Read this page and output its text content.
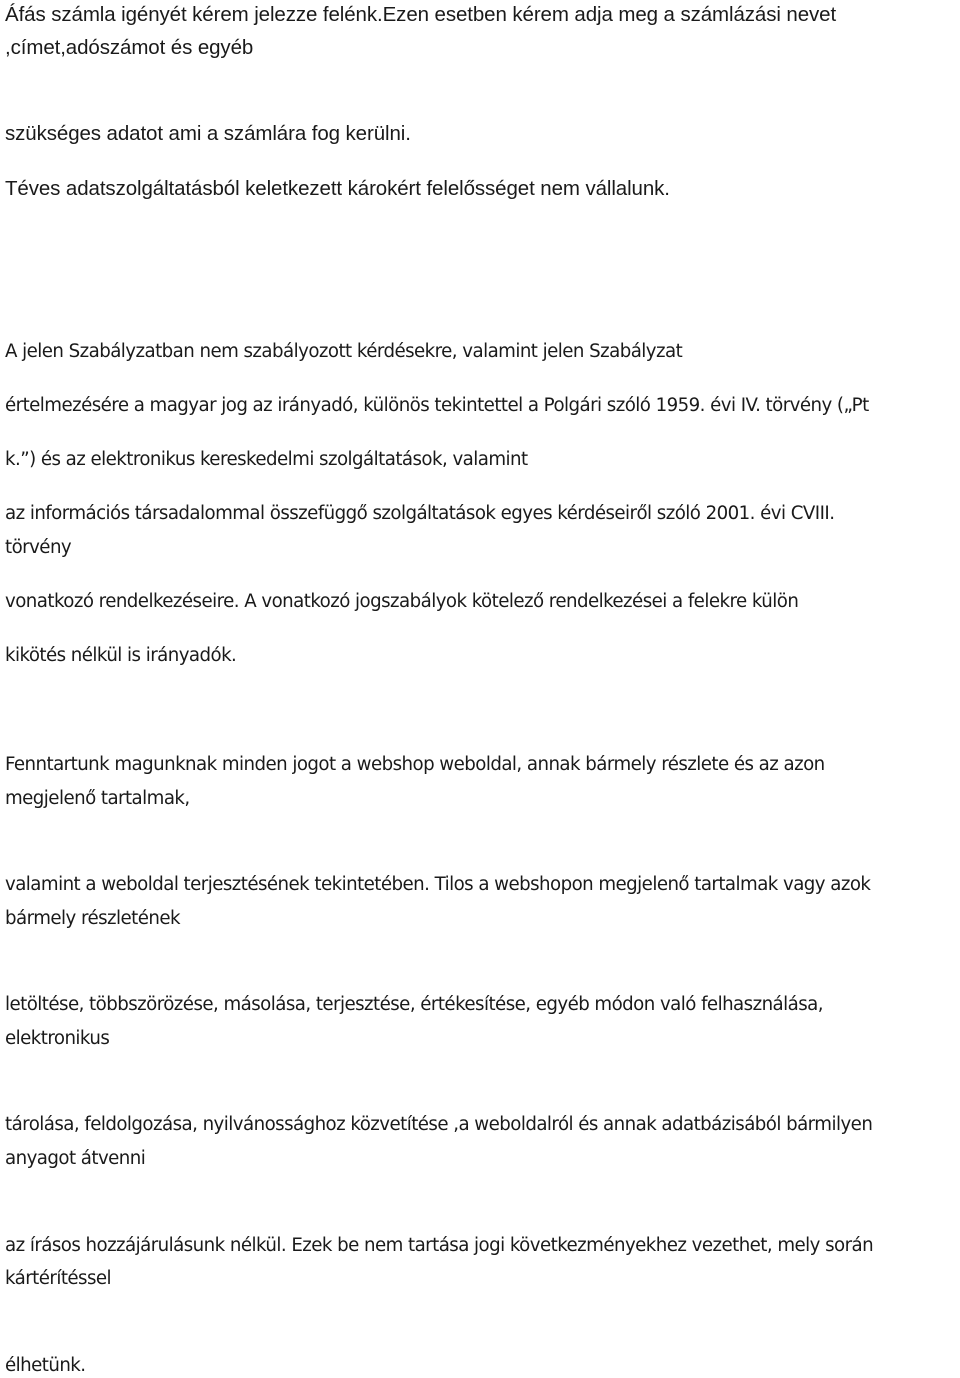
Áfás számla igényét kérem jelezze felénk.Ezen esetben kérem adja meg a számlázási nevet

,címet,adószámot és egyéb

szükséges adatot ami a számlára fog kerülni.

Téves adatszolgáltatásból keletkezett károkért felelősséget nem vállalunk.

A jelen Szabályzatban nem szabályozott kérdésekre, valamint jelen Szabályzat

értelmezésére a magyar jog az irányadó, különös tekintettel a Polgári szóló 1959. évi IV. törvény („Pt

k.”) és az elektronikus kereskedelmi szolgáltatások, valamint

az információs társadalommal összefüggő szolgáltatások egyes kérdéseiről szóló 2001. évi CVIII.

törvény

vonatkozó rendelkezéseire. A vonatkozó jogszabályok kötelező rendelkezései a felekre külön

kikötés nélkül is irányadók.

Fenntartunk magunknak minden jogot a webshop weboldal, annak bármely részlete és az azon

megjelenő tartalmak,

valamint a weboldal terjesztésének tekintetében. Tilos a webshopon megjelenő tartalmak vagy azok

bármely részletének

letöltése, többszörözése, másolása, terjesztése, értékesítése, egyéb módon való felhasználása,

elektronikus

tárolása, feldolgozása, nyilvánossághoz közvetítése ,a weboldalról és annak adatbázisából bármilyen

anyagot átvenni

az írásos hozzájárulásunk nélkül. Ezek be nem tartása jogi következményekhez vezethet, mely során

kártérítéssel

élhetünk.
